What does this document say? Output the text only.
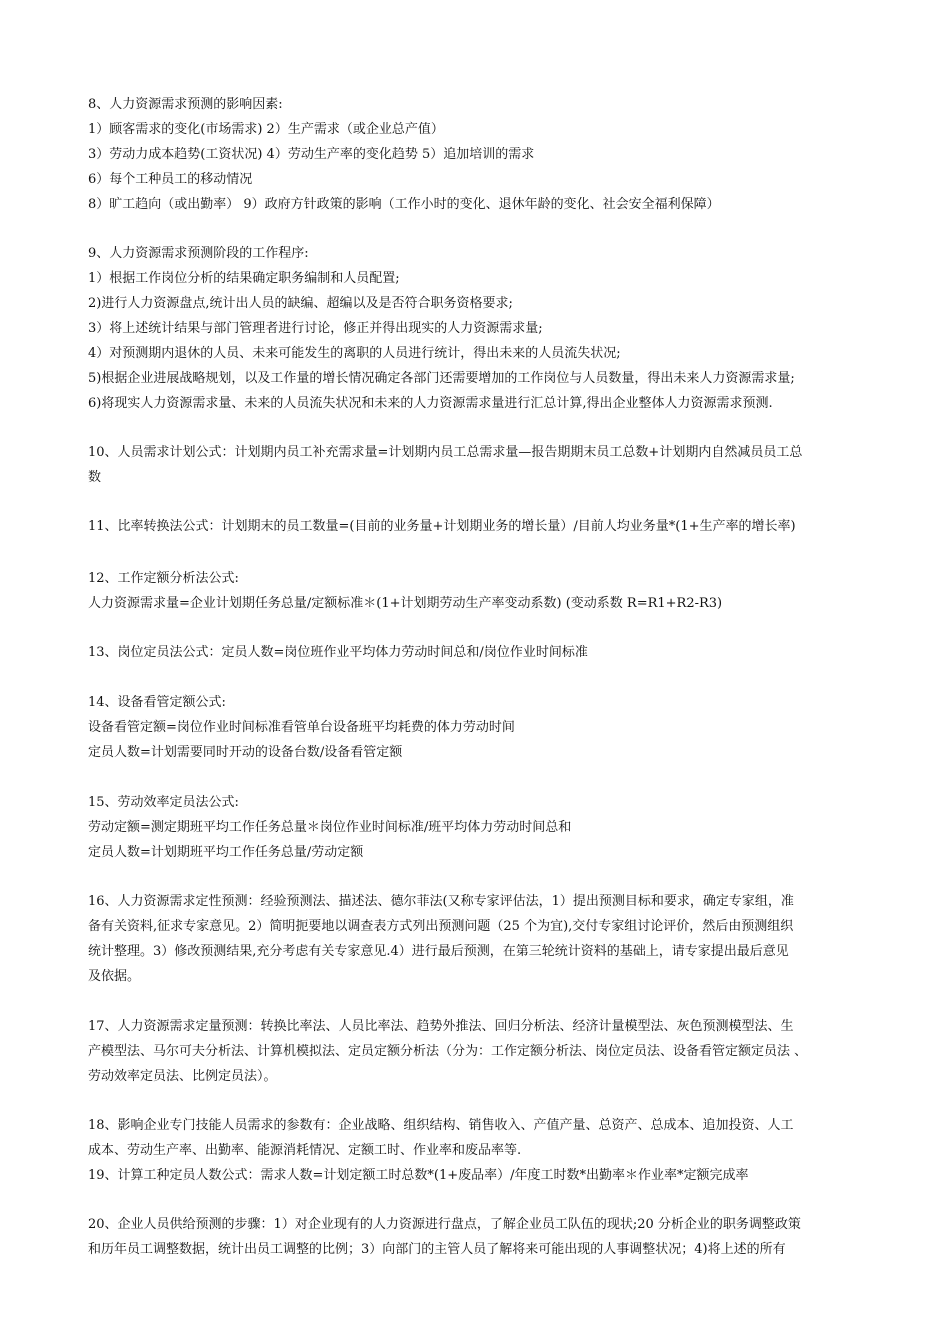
8、人力资源需求预测的影响因素:
1）顾客需求的变化(市场需求) 2）生产需求（或企业总产值）
3）劳动力成本趋势(工资状况) 4）劳动生产率的变化趋势 5）追加培训的需求
6）每个工种员工的移动情况
8）旷工趋向（或出勤率） 9）政府方针政策的影响（工作小时的变化、退休年龄的变化、社会安全福利保障）
9、人力资源需求预测阶段的工作程序:
1）根据工作岗位分析的结果确定职务编制和人员配置;
2)进行人力资源盘点,统计出人员的缺编、超编以及是否符合职务资格要求;
3）将上述统计结果与部门管理者进行讨论，修正并得出现实的人力资源需求量;
4）对预测期内退休的人员、未来可能发生的离职的人员进行统计，得出未来的人员流失状况;
5)根据企业进展战略规划，以及工作量的增长情况确定各部门还需要增加的工作岗位与人员数量，得出未来人力资源需求量;
6)将现实人力资源需求量、未来的人员流失状况和未来的人力资源需求量进行汇总计算,得出企业整体人力资源需求预测.
10、人员需求计划公式：计划期内员工补充需求量=计划期内员工总需求量—报告期期末员工总数+计划期内自然减员员工总
数
11、比率转换法公式：计划期末的员工数量=(目前的业务量+计划期业务的增长量）/目前人均业务量*(1+生产率的增长率)
12、工作定额分析法公式:
人力资源需求量=企业计划期任务总量/定额标准＊(1+计划期劳动生产率变动系数) (变动系数 R=R1+R2-R3)
13、岗位定员法公式：定员人数=岗位班作业平均体力劳动时间总和/岗位作业时间标准
14、设备看管定额公式:
设备看管定额=岗位作业时间标准看管单台设备班平均耗费的体力劳动时间
定员人数=计划需要同时开动的设备台数/设备看管定额
15、劳动效率定员法公式:
劳动定额=测定期班平均工作任务总量＊岗位作业时间标准/班平均体力劳动时间总和
定员人数=计划期班平均工作任务总量/劳动定额
16、人力资源需求定性预测：经验预测法、描述法、德尔菲法(又称专家评估法，1）提出预测目标和要求，确定专家组，准
备有关资料,征求专家意见。2）简明扼要地以调查表方式列出预测问题（25 个为宜),交付专家组讨论评价，然后由预测组织
统计整理。3）修改预测结果,充分考虑有关专家意见.4）进行最后预测，在第三轮统计资料的基础上，请专家提出最后意见
及依据。
17、人力资源需求定量预测：转换比率法、人员比率法、趋势外推法、回归分析法、经济计量模型法、灰色预测模型法、生
产模型法、马尔可夫分析法、计算机模拟法、定员定额分析法（分为：工作定额分析法、岗位定员法、设备看管定额定员法 、
劳动效率定员法、比例定员法）。
18、影响企业专门技能人员需求的参数有：企业战略、组织结构、销售收入、产值产量、总资产、总成本、追加投资、人工
成本、劳动生产率、出勤率、能源消耗情况、定额工时、作业率和废品率等.
19、计算工种定员人数公式：需求人数=计划定额工时总数*(1+废品率）/年度工时数*出勤率＊作业率*定额完成率
20、企业人员供给预测的步骤：1）对企业现有的人力资源进行盘点，了解企业员工队伍的现状;20 分析企业的职务调整政策
和历年员工调整数据，统计出员工调整的比例；3）向部门的主管人员了解将来可能出现的人事调整状况；4)将上述的所有
